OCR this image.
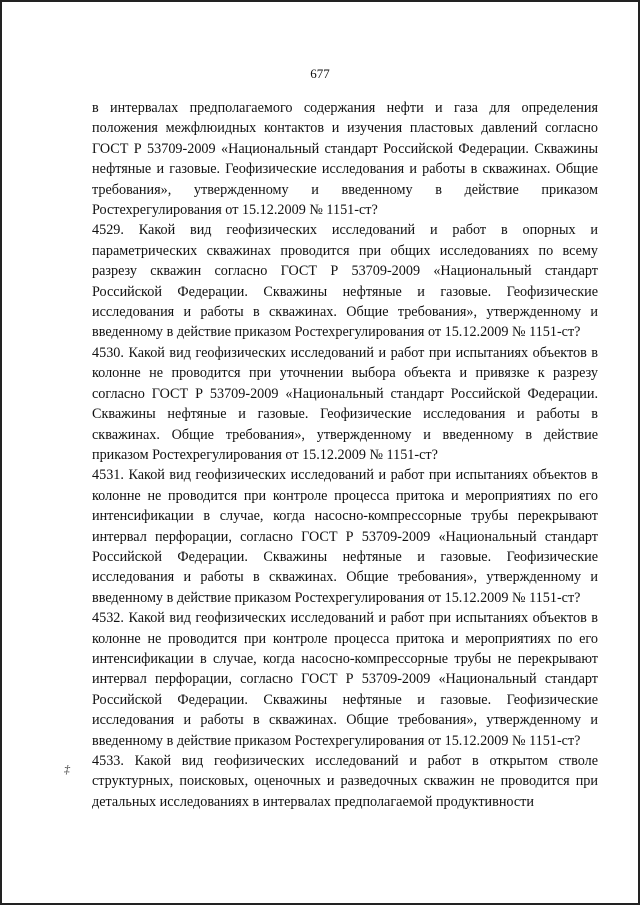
677

в интервалах предполагаемого содержания нефти и газа для определения положения межфлюидных контактов и изучения пластовых давлений согласно ГОСТ Р 53709-2009 «Национальный стандарт Российской Федерации. Скважины нефтяные и газовые. Геофизические исследования и работы в скважинах. Общие требования», утвержденному и введенному в действие приказом Ростехрегулирования от 15.12.2009 № 1151-ст?

4529. Какой вид геофизических исследований и работ в опорных и параметрических скважинах проводится при общих исследованиях по всему разрезу скважин согласно ГОСТ Р 53709-2009 «Национальный стандарт Российской Федерации. Скважины нефтяные и газовые. Геофизические исследования и работы в скважинах. Общие требования», утвержденному и введенному в действие приказом Ростехрегулирования от 15.12.2009 № 1151-ст?

4530. Какой вид геофизических исследований и работ при испытаниях объектов в колонне не проводится при уточнении выбора объекта и привязке к разрезу согласно ГОСТ Р 53709-2009 «Национальный стандарт Российской Федерации. Скважины нефтяные и газовые. Геофизические исследования и работы в скважинах. Общие требования», утвержденному и введенному в действие приказом Ростехрегулирования от 15.12.2009 № 1151-ст?

4531. Какой вид геофизических исследований и работ при испытаниях объектов в колонне не проводится при контроле процесса притока и мероприятиях по его интенсификации в случае, когда насосно-компрессорные трубы перекрывают интервал перфорации, согласно ГОСТ Р 53709-2009 «Национальный стандарт Российской Федерации. Скважины нефтяные и газовые. Геофизические исследования и работы в скважинах. Общие требования», утвержденному и введенному в действие приказом Ростехрегулирования от 15.12.2009 № 1151-ст?

4532. Какой вид геофизических исследований и работ при испытаниях объектов в колонне не проводится при контроле процесса притока и мероприятиях по его интенсификации в случае, когда насосно-компрессорные трубы не перекрывают интервал перфорации, согласно ГОСТ Р 53709-2009 «Национальный стандарт Российской Федерации. Скважины нефтяные и газовые. Геофизические исследования и работы в скважинах. Общие требования», утвержденному и введенному в действие приказом Ростехрегулирования от 15.12.2009 № 1151-ст?

4533. Какой вид геофизических исследований и работ в открытом стволе структурных, поисковых, оценочных и разведочных скважин не проводится при детальных исследованиях в интервалах предполагаемой продуктивности

‡
